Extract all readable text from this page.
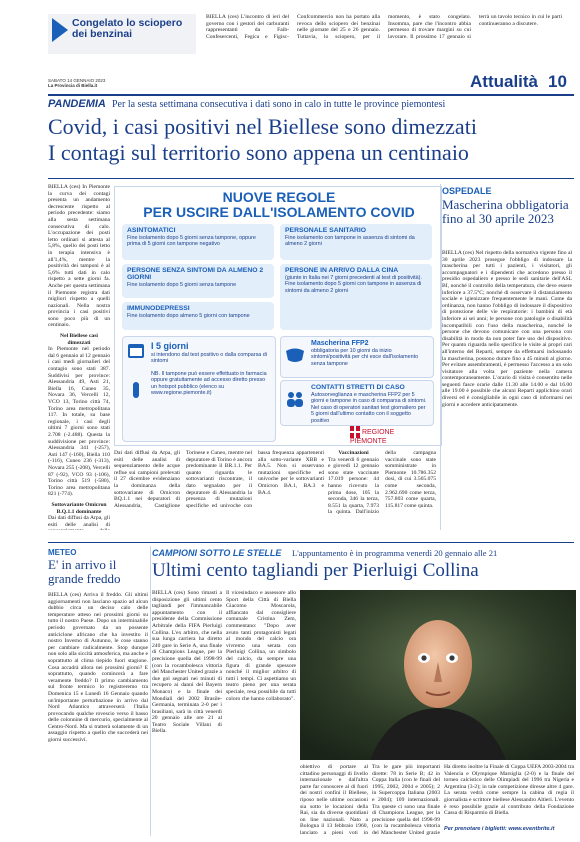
Congelato lo sciopero dei benzinai
BIELLA (ces) L'incontro di ieri del governo con i gestori dei carburanti rappresentanti da Faib-Confesercenti, Fegica e Figisc-Confcommercio non ha portato alla revoca dello sciopero dei benzinai nelle giornate del 25 e 26 gennaio. Tuttavia, lo sciopero, per il momento, è stato congelato. Insomma, pare che l'incontro abbia permesso di trovare margini su cui lavorare. Il prossimo 17 gennaio si terrà un tavolo tecnico in cui le parti continueranno a discutere.
SABATO 14 GENNAIO 2023
La Provincia di Biella.it	Attualità 10
PANDEMIA Per la sesta settimana consecutiva i dati sono in calo in tutte le province piemontesi
Covid, i casi positivi nel Biellese sono dimezzati
I contagi sul territorio sono appena un centinaio
BIELLA (ces) In Piemonte la curva dei contagi presenta un andamento decrescente rispetto al periodo precedente: siamo alla sesta settimana consecutiva di calo. L'occupazione dei posti letto ordinari si attesta al 5,8%, quello dei posti letto in terapia intensiva è all'1,4%, mentre la positività dei tamponi è al 5,6% tutti dati in calo rispetto a sette giorni fa. Anche per questa settimana il Piemonte registra dati migliori rispetto a quelli nazionali. Nella nostra provincia i casi positivi sono poco più di un centinaio.
Nel Biellese casi dimezzati
In Piemonte nel periodo dal 6 gennaio al 12 gennaio i casi medi giornalieri del contagio sono stati 387. Suddivisi per province: Alessandria 49, Asti 21, Biella 16, Cuneo 35, Novara 36, Vercelli 12, VCO 13, Torino città 74, Torino area metropolitana 117. In totale, su base regionale, i casi degli ultimi 7 giorni sono stati 2.708 (-2.488). Questa la suddivisione per province: Alessandria 341 (-257), Asti 147 (-160), Biella 110 (-116), Cuneo 236 (-313), Novara 255 (-208), Vercelli 87 (-92), VCO 93 (-106), Torino città 519 (-580), Torino area metropolitana 821 (-774).
Sottovariante Omicron B.Q.1.1 dominante
Dai dati diffusi da Arpa, gli esiti delle analisi di
Dai dati diffusi da Arpa, gli esiti delle analisi di sequenziamento delle acque reflue sui campioni prelevati il 27 dicembre evidenziano la dominanza della sottovariante di Omicron BQ.1.1 nei depuratori di Alessandria, Castiglione Torinese e Cuneo, mentre nel depuratore di Torino è ancora predominante il BR.1.1. Per quanto riguarda le sottovarianti riscontrate, il dato segnalato per il depuratore di Alessandria la presenza di mutazioni specifiche ed univoche con bassa frequenza appartenenti alla sotto-variante XBB e BA.5. Non si osservano mutazioni specifiche ed univoche per le sottovarianti Omicron BA.1, BA.3 e BA.4.
Vaccinazioni
Tra venerdì 6 gennaio e giovedì 12 gennaio sono state vaccinate 17.019 persone: 44 hanno ricevuto la prima dose, 105 la seconda, 346 la terza, 8.551 la quarta, 7.973 la quinta. Dall'inizio della campagna vaccinale sono state somministrate in Piemonte 10.786.352 dosi, di cui 3.565.075 come seconda, 2.962.690 come terza, 757.803 come quarta, 115.817 come quinta.
NUOVE REGOLE
PER USCIRE DALL'ISOLAMENTO COVID
ASINTOMATICI
Fine isolamento dopo 5 giorni senza tampone, oppure prima di 5 giorni con tampone negativo
PERSONE SENZA SINTOMI DA ALMENO 2 GIORNI
Fine isolamento dopo 5 giorni senza tampone
IMMUNODEPRESSI
Fine isolamento dopo almeno 5 giorni con tampone
PERSONALE SANITARIO
Fine isolamento con tampone in assenza di sintomi da almeno 2 giorni
PERSONE IN ARRIVO DALLA CINA
(giunte in Italia nei 7 giorni precedenti al test di positività). Fine isolamento dopo 5 giorni con tampone in assenza di sintomi da almeno 2 giorni
I 5 giorni
si intendono dal test positivo o dalla comparsa di sintomi
NB. Il tampone può essere effettuato in farmacia oppure gratuitamente ad accesso diretto presso un hotspot pubblico (elenco su www.regione.piemonte.it)
Mascherina FFP2
obbligatoria per 10 giorni da inizio sintomi/positività per chi esce dall'isolamento senza tampone
CONTATTI STRETTI DI CASO
Autosorveglianza e mascherina FFP2 per 5 giorni e tampone in caso di comparsa di sintomi. Nel caso di operatori sanitari test giornaliero per 5 giorni dall'ultimo contatto con il soggetto positivo
REGIONE PIEMONTE
OSPEDALE
Mascherina obbligatoria fino al 30 aprile 2023
BIELLA (ces) Nel rispetto della normativa vigente fino al 30 aprile 2023 prosegue l'obbligo di indossare la mascherina per tutti i pazienti, i visitatori, gli accompagnatori e i dipendenti che accedono presso il presidio ospedaliero e presso le sedi sanitarie dell'ASL BI, nonché il controllo della temperatura, che deve essere inferiore a 37.5°C; nonché di osservare il distanziamento sociale e igienizzare frequentemente le mani. Come da ordinanza, non hanno l'obbligo di indossare il dispositivo di protezione delle vie respiratorie: i bambini di età inferiore ai sei anni; le persone con patologie o disabilità incompatibili con l'uso della mascherina, nonché le persone che devono comunicare con una persona con disabilità in modo da non poter fare uso del dispositivo. Per quanto riguarda nello specifico le visite ai propri cari all'interno del Reparti, sempre da effettuarsi indossando la mascherina, possono durare fino a 45 minuti al giorno. Per evitare assembramenti, è permesso l'accesso a un solo visitatore alla volta per paziente nella camera contemporaneamente. L'orario di visita è consentito nelle seguenti fasce orarie dalle 11.30 alle 14.00 e dal 16.00 alle 19.00 è possibile che alcuni Reparti applichino orari diversi ed è consigliabile in ogni caso di informarsi nei giorni e accedere anticipatamente.
METEO
E' in arrivo il grande freddo
BIELLA (ces) Arriva il freddo. Gli ultimi aggiornamenti non lasciano spazio ad alcun dubbio circa un deciso calo delle temperature atteso nei prossimi giorni su tutto il nostro Paese. Dopo un interminabile periodo governato da un possente anticiclone africano che ha investito il nostro Inverno di Autunno, le cose stanno per cambiare radicalmente. Stop dunque non solo alla siccità atmosferica, ma anche e soprattutto al clima tiepido fuori stagione. Cosa accadrà allora nei prossimi giorni? E soprattutto, quando comincerà a fare veramente freddo? Il primo cambiamento sul fronte termico lo registreremo tra Domenica 15 e Lunedì 16 Gennaio quando un'importante perturbazione in arrivo dal Nord Atlantico attraverserà l'Italia provocando qualche rovescio verso il basso delle colonnine di mercurio, specialmente al Centro-Nord. Ma si tratterà solamente di un assaggio rispetto a quello che succederà nei giorni successivi.
CAMPIONI SOTTO LE STELLE L'appuntamento è in programma venerdì 20 gennaio alle 21
Ultimi cento tagliandi per Pierluigi Collina
BIELLA (ces) Sono rimasti a disposizione gli ultimi cento tagliandi per l'immancabile appuntamento con il presidente della Commissione Arbitrale della FIFA Pierluigi Collina. L'ex arbitro, che nella sua lunga carriera ha diretto 240 gare in Serie A, una finale di Champions League, per la precisione quella del 1998-99 (con la rocambolesca vittoria del Manchester United grazie a due gol segnati nei minuti di recupero ai danni del Bayern Monaco) e la finale dei Mondiali del 2002 Brasile-Germania, terminata 2-0 per i brasiliani, sarà in città venerdì 20 gennaio alle ore 21 al Teatro Sociale Villani di Biella.
Il vicesindaco e assessore allo Sport della Città di Biella Giacomo Moscarola, affiancato dal consigliere comunale Cristina Zem, commentano: "Dopo aver avuto tanti protagonisti legati al mondo del calcio ora vivremo una serata con Pierluigi Collina, un simbolo del calcio, da sempre una figura di grande spessore nonché il miglior arbitro di tutti i tempi. Ci aspettiamo un teatro pieno per una serata speciale, resa possibile da tutti coloro che hanno collaborato".
obiettivo di portare al cittadino personaggi di livello internazionale e dall'altra parte far conoscere al di fuori dei nostri confini il Biellese, riposo nelle ultime occasioni sia sotto le locazioni della Rai, sia da diverse quotidiani on line nazionali. Nato a Bologna il 13 febbraio 1960, lanciato a pieni voti in
Tra le gare più importanti dirette: 78 in Serie B; 42 in Coppa Italia (con le finali del 1995, 2002, 2004 e 2005); 2 in Supercoppa Italiana (2003 e 2004); 109 internazionali. Tra queste ci sono una finale di Champions League, per la precisione quella del 1998-99 (con la rocambolesca vittoria del Manchester United grazie
Ha diretto inoltre la Finale di Coppa UEFA 2003-2004 tra Valencia e Olympique Marsiglia (2-0) e la finale del torneo calcistico delle Olimpiadi del 1996 tra Nigeria e Argentina (3-2); in tale competizione diresse altre 4 gare. La serata vedrà come sempre la cabina di regia il giornalista e scrittore biellese Alessandro Altieri. L'evento è reso possibile grazie al contributo della Fondazione Cassa di Risparmio di Biella.
Per prenotare i biglietti: www.eventbrite.it
